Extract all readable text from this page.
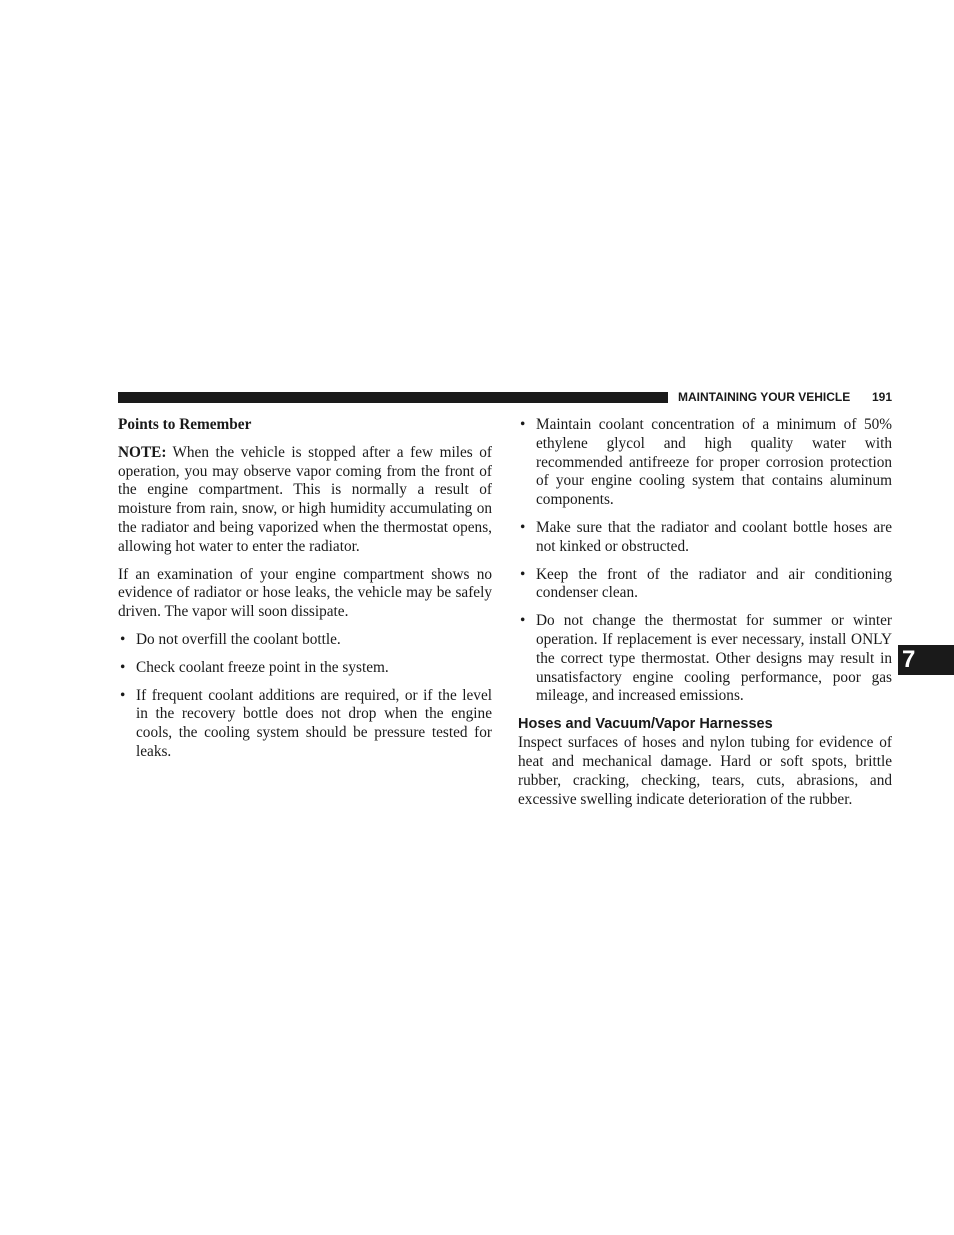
MAINTAINING YOUR VEHICLE 191
Points to Remember

NOTE: When the vehicle is stopped after a few miles of operation, you may observe vapor coming from the front of the engine compartment. This is normally a result of moisture from rain, snow, or high humidity accumulating on the radiator and being vaporized when the thermostat opens, allowing hot water to enter the radiator.

If an examination of your engine compartment shows no evidence of radiator or hose leaks, the vehicle may be safely driven. The vapor will soon dissipate.

• Do not overfill the coolant bottle.
• Check coolant freeze point in the system.
• If frequent coolant additions are required, or if the level in the recovery bottle does not drop when the engine cools, the cooling system should be pressure tested for leaks.
• Maintain coolant concentration of a minimum of 50% ethylene glycol and high quality water with recommended antifreeze for proper corrosion protection of your engine cooling system that contains aluminum components.
• Make sure that the radiator and coolant bottle hoses are not kinked or obstructed.
• Keep the front of the radiator and air conditioning condenser clean.
• Do not change the thermostat for summer or winter operation. If replacement is ever necessary, install ONLY the correct type thermostat. Other designs may result in unsatisfactory engine cooling performance, poor gas mileage, and increased emissions.
Hoses and Vacuum/Vapor Harnesses

Inspect surfaces of hoses and nylon tubing for evidence of heat and mechanical damage. Hard or soft spots, brittle rubber, cracking, checking, tears, cuts, abrasions, and excessive swelling indicate deterioration of the rubber.

7
